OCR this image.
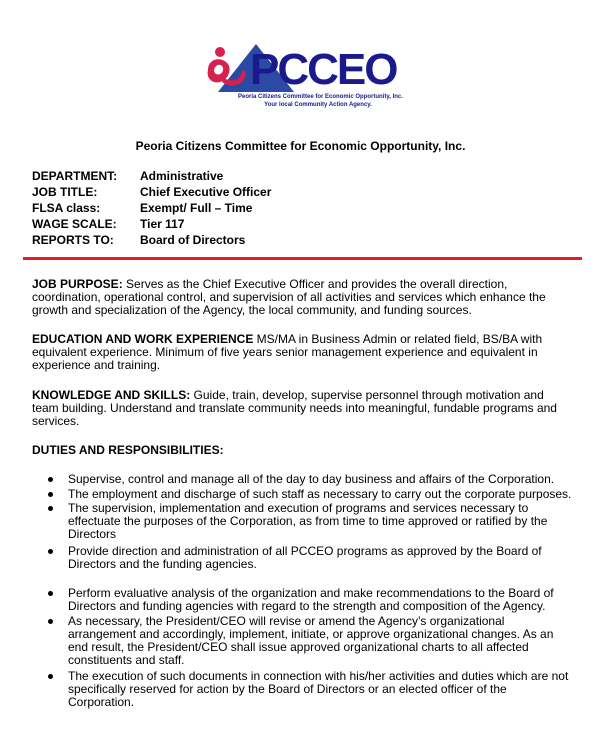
PCCEO
Peoria Citizens Committee for Economic Opportunity, Inc.
Your local Community Action Agency.
Peoria Citizens Committee for Economic Opportunity, Inc.
DEPARTMENT: Administrative
JOB TITLE:	Chief Executive Officer
FLSA class:	Exempt/ Full – Time
WAGE SCALE: Tier 117
REPORTS TO: Board of Directors
JOB PURPOSE: Serves as the Chief Executive Officer and provides the overall direction,
coordination, operational control, and supervision of all activities and services which enhance the
growth and specialization of the Agency, the local community, and funding sources.
EDUCATION AND WORK EXPERIENCE MS/MA in Business Admin or related field, BS/BA with
equivalent experience. Minimum of five years senior management experience and equivalent in
experience and training.
KNOWLEDGE AND SKILLS: Guide, train, develop, supervise personnel through motivation and
team building. Understand and translate community needs into meaningful, fundable programs and
services.
DUTIES AND RESPONSIBILITIES:
Supervise, control and manage all of the day to day business and affairs of the Corporation.
The employment and discharge of such staff as necessary to carry out the corporate purposes.
The supervision, implementation and execution of programs and services necessary to
effectuate the purposes of the Corporation, as from time to time approved or ratified by the
Directors
Provide direction and administration of all PCCEO programs as approved by the Board of
Directors and the funding agencies.
Perform evaluative analysis of the organization and make recommendations to the Board of
Directors and funding agencies with regard to the strength and composition of the Agency.
As necessary, the President/CEO will revise or amend the Agency’s organizational
arrangement and accordingly, implement, initiate, or approve organizational changes. As an
end result, the President/CEO shall issue approved organizational charts to all affected
constituents and staff.
The execution of such documents in connection with his/her activities and duties which are not
specifically reserved for action by the Board of Directors or an elected officer of the
Corporation.
